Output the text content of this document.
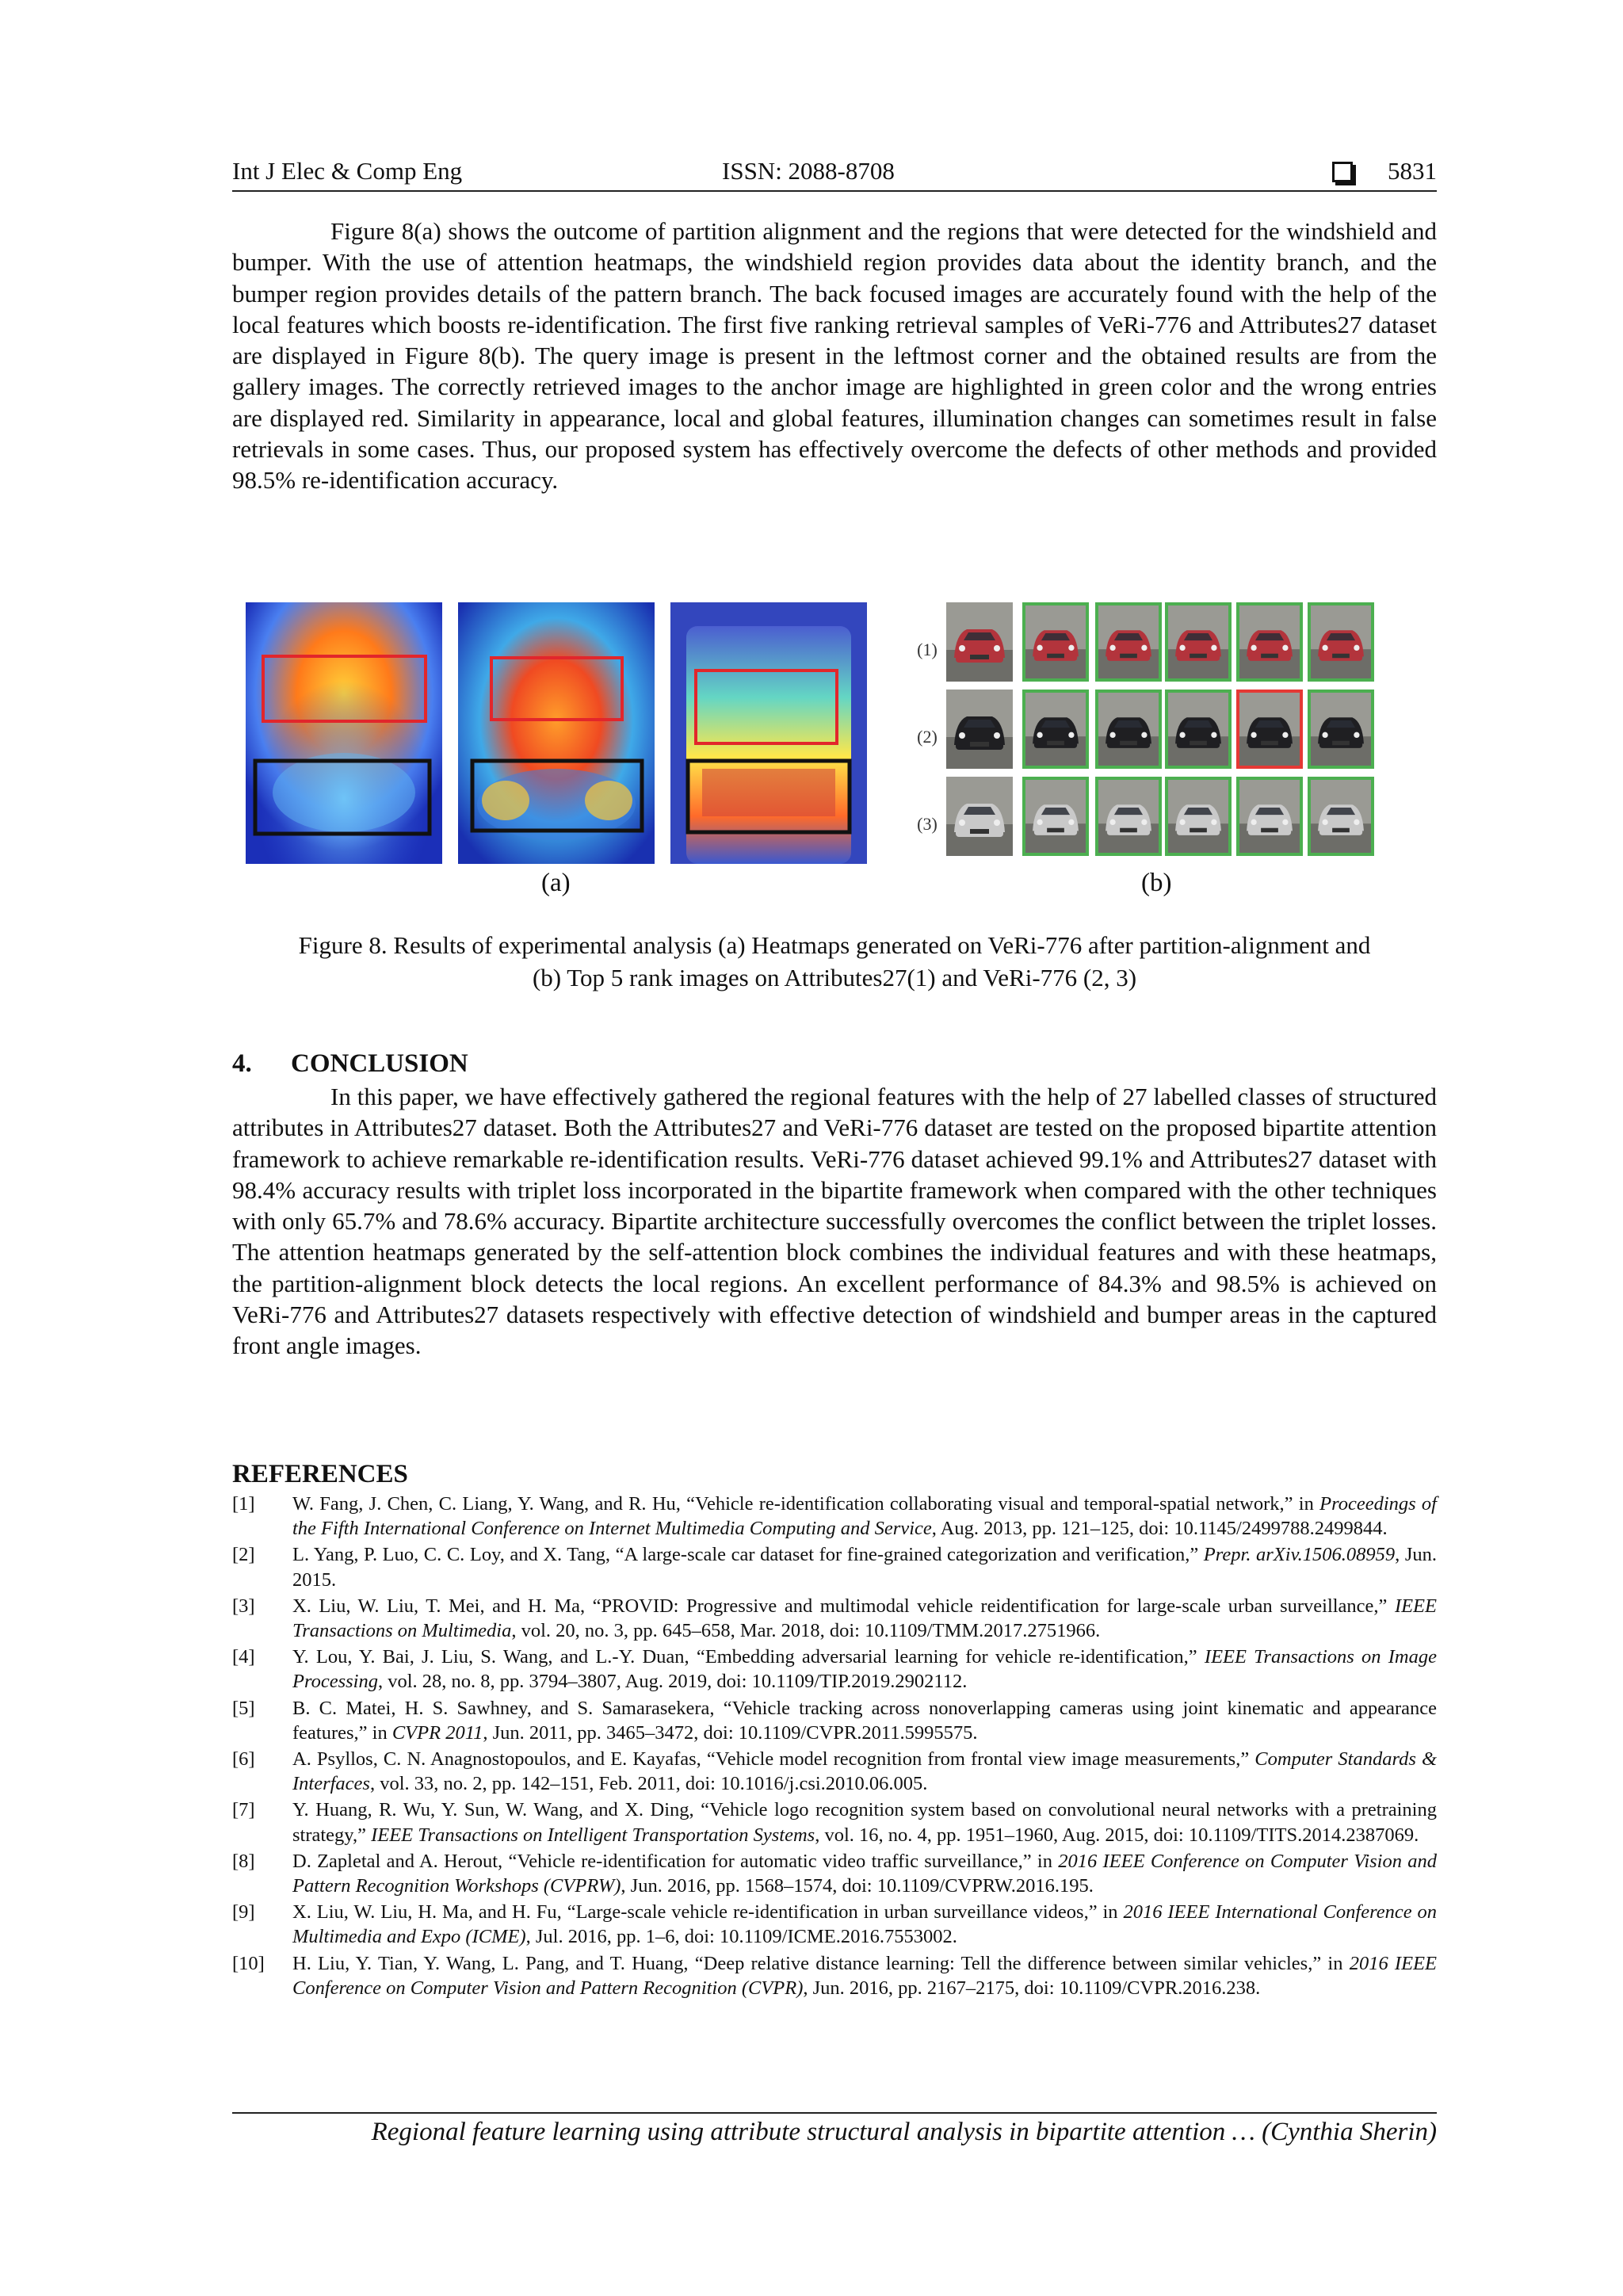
Int J Elec & Comp Eng	ISSN: 2088-8708	5831

Figure 8(a) shows the outcome of partition alignment and the regions that were detected for the windshield and bumper. With the use of attention heatmaps, the windshield region provides data about the identity branch, and the bumper region provides details of the pattern branch. The back focused images are accurately found with the help of the local features which boosts re-identification. The first five ranking retrieval samples of VeRi-776 and Attributes27 dataset are displayed in Figure 8(b). The query image is present in the leftmost corner and the obtained results are from the gallery images. The correctly retrieved images to the anchor image are highlighted in green color and the wrong entries are displayed red. Similarity in appearance, local and global features, illumination changes can sometimes result in false retrievals in some cases. Thus, our proposed system has effectively overcome the defects of other methods and provided 98.5% re-identification accuracy.

(1)
(2)
(3)
(a)	(b)
Figure 8. Results of experimental analysis (a) Heatmaps generated on VeRi-776 after partition-alignment and
(b) Top 5 rank images on Attributes27(1) and VeRi-776 (2, 3)
4. CONCLUSION

In this paper, we have effectively gathered the regional features with the help of 27 labelled classes of structured attributes in Attributes27 dataset. Both the Attributes27 and VeRi-776 dataset are tested on the proposed bipartite attention framework to achieve remarkable re-identification results. VeRi-776 dataset achieved 99.1% and Attributes27 dataset with 98.4% accuracy results with triplet loss incorporated in the bipartite framework when compared with the other techniques with only 65.7% and 78.6% accuracy. Bipartite architecture successfully overcomes the conflict between the triplet losses. The attention heatmaps generated by the self-attention block combines the individual features and with these heatmaps, the partition-alignment block detects the local regions. An excellent performance of 84.3% and 98.5% is achieved on VeRi-776 and Attributes27 datasets respectively with effective detection of windshield and bumper areas in the captured front angle images.

REFERENCES
[1] W. Fang, J. Chen, C. Liang, Y. Wang, and R. Hu, “Vehicle re-identification collaborating visual and temporal-spatial network,” in Proceedings of the Fifth International Conference on Internet Multimedia Computing and Service, Aug. 2013, pp. 121–125, doi: 10.1145/2499788.2499844.
[2] L. Yang, P. Luo, C. C. Loy, and X. Tang, “A large-scale car dataset for fine-grained categorization and verification,” Prepr. arXiv.1506.08959, Jun. 2015.
[3] X. Liu, W. Liu, T. Mei, and H. Ma, “PROVID: Progressive and multimodal vehicle reidentification for large-scale urban surveillance,” IEEE Transactions on Multimedia, vol. 20, no. 3, pp. 645–658, Mar. 2018, doi: 10.1109/TMM.2017.2751966.
[4] Y. Lou, Y. Bai, J. Liu, S. Wang, and L.-Y. Duan, “Embedding adversarial learning for vehicle re-identification,” IEEE Transactions on Image Processing, vol. 28, no. 8, pp. 3794–3807, Aug. 2019, doi: 10.1109/TIP.2019.2902112.
[5] B. C. Matei, H. S. Sawhney, and S. Samarasekera, “Vehicle tracking across nonoverlapping cameras using joint kinematic and appearance features,” in CVPR 2011, Jun. 2011, pp. 3465–3472, doi: 10.1109/CVPR.2011.5995575.
[6] A. Psyllos, C. N. Anagnostopoulos, and E. Kayafas, “Vehicle model recognition from frontal view image measurements,” Computer Standards & Interfaces, vol. 33, no. 2, pp. 142–151, Feb. 2011, doi: 10.1016/j.csi.2010.06.005.
[7] Y. Huang, R. Wu, Y. Sun, W. Wang, and X. Ding, “Vehicle logo recognition system based on convolutional neural networks with a pretraining strategy,” IEEE Transactions on Intelligent Transportation Systems, vol. 16, no. 4, pp. 1951–1960, Aug. 2015, doi: 10.1109/TITS.2014.2387069.
[8] D. Zapletal and A. Herout, “Vehicle re-identification for automatic video traffic surveillance,” in 2016 IEEE Conference on Computer Vision and Pattern Recognition Workshops (CVPRW), Jun. 2016, pp. 1568–1574, doi: 10.1109/CVPRW.2016.195.
[9] X. Liu, W. Liu, H. Ma, and H. Fu, “Large-scale vehicle re-identification in urban surveillance videos,” in 2016 IEEE International Conference on Multimedia and Expo (ICME), Jul. 2016, pp. 1–6, doi: 10.1109/ICME.2016.7553002.
[10] H. Liu, Y. Tian, Y. Wang, L. Pang, and T. Huang, “Deep relative distance learning: Tell the difference between similar vehicles,” in 2016 IEEE Conference on Computer Vision and Pattern Recognition (CVPR), Jun. 2016, pp. 2167–2175, doi: 10.1109/CVPR.2016.238.
Regional feature learning using attribute structural analysis in bipartite attention … (Cynthia Sherin)
